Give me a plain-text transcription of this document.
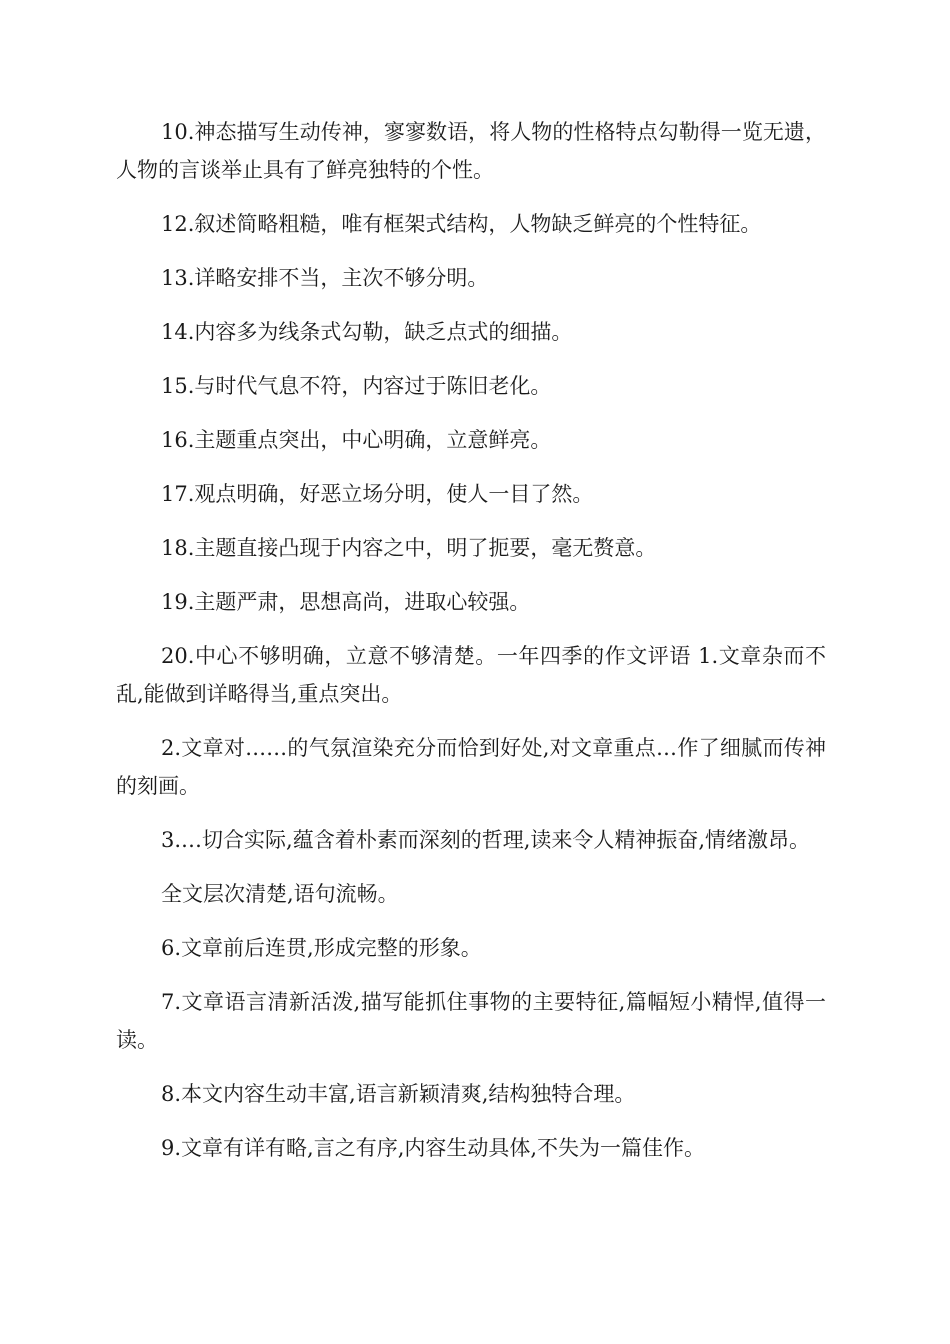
10.神态描写生动传神，寥寥数语，将人物的性格特点勾勒得一览无遗，人物的言谈举止具有了鲜亮独特的个性。

12.叙述简略粗糙，唯有框架式结构，人物缺乏鲜亮的个性特征。

13.详略安排不当，主次不够分明。

14.内容多为线条式勾勒，缺乏点式的细描。

15.与时代气息不符，内容过于陈旧老化。

16.主题重点突出，中心明确，立意鲜亮。

17.观点明确，好恶立场分明，使人一目了然。

18.主题直接凸现于内容之中，明了扼要，毫无赘意。

19.主题严肃，思想高尚，进取心较强。

20.中心不够明确，立意不够清楚。一年四季的作文评语 1.文章杂而不乱,能做到详略得当,重点突出。

2.文章对……的气氛渲染充分而恰到好处,对文章重点…作了细腻而传神的刻画。

3.…切合实际,蕴含着朴素而深刻的哲理,读来令人精神振奋,情绪激昂。

全文层次清楚,语句流畅。

6.文章前后连贯,形成完整的形象。

7.文章语言清新活泼,描写能抓住事物的主要特征,篇幅短小精悍,值得一读。

8.本文内容生动丰富,语言新颖清爽,结构独特合理。

9.文章有详有略,言之有序,内容生动具体,不失为一篇佳作。
